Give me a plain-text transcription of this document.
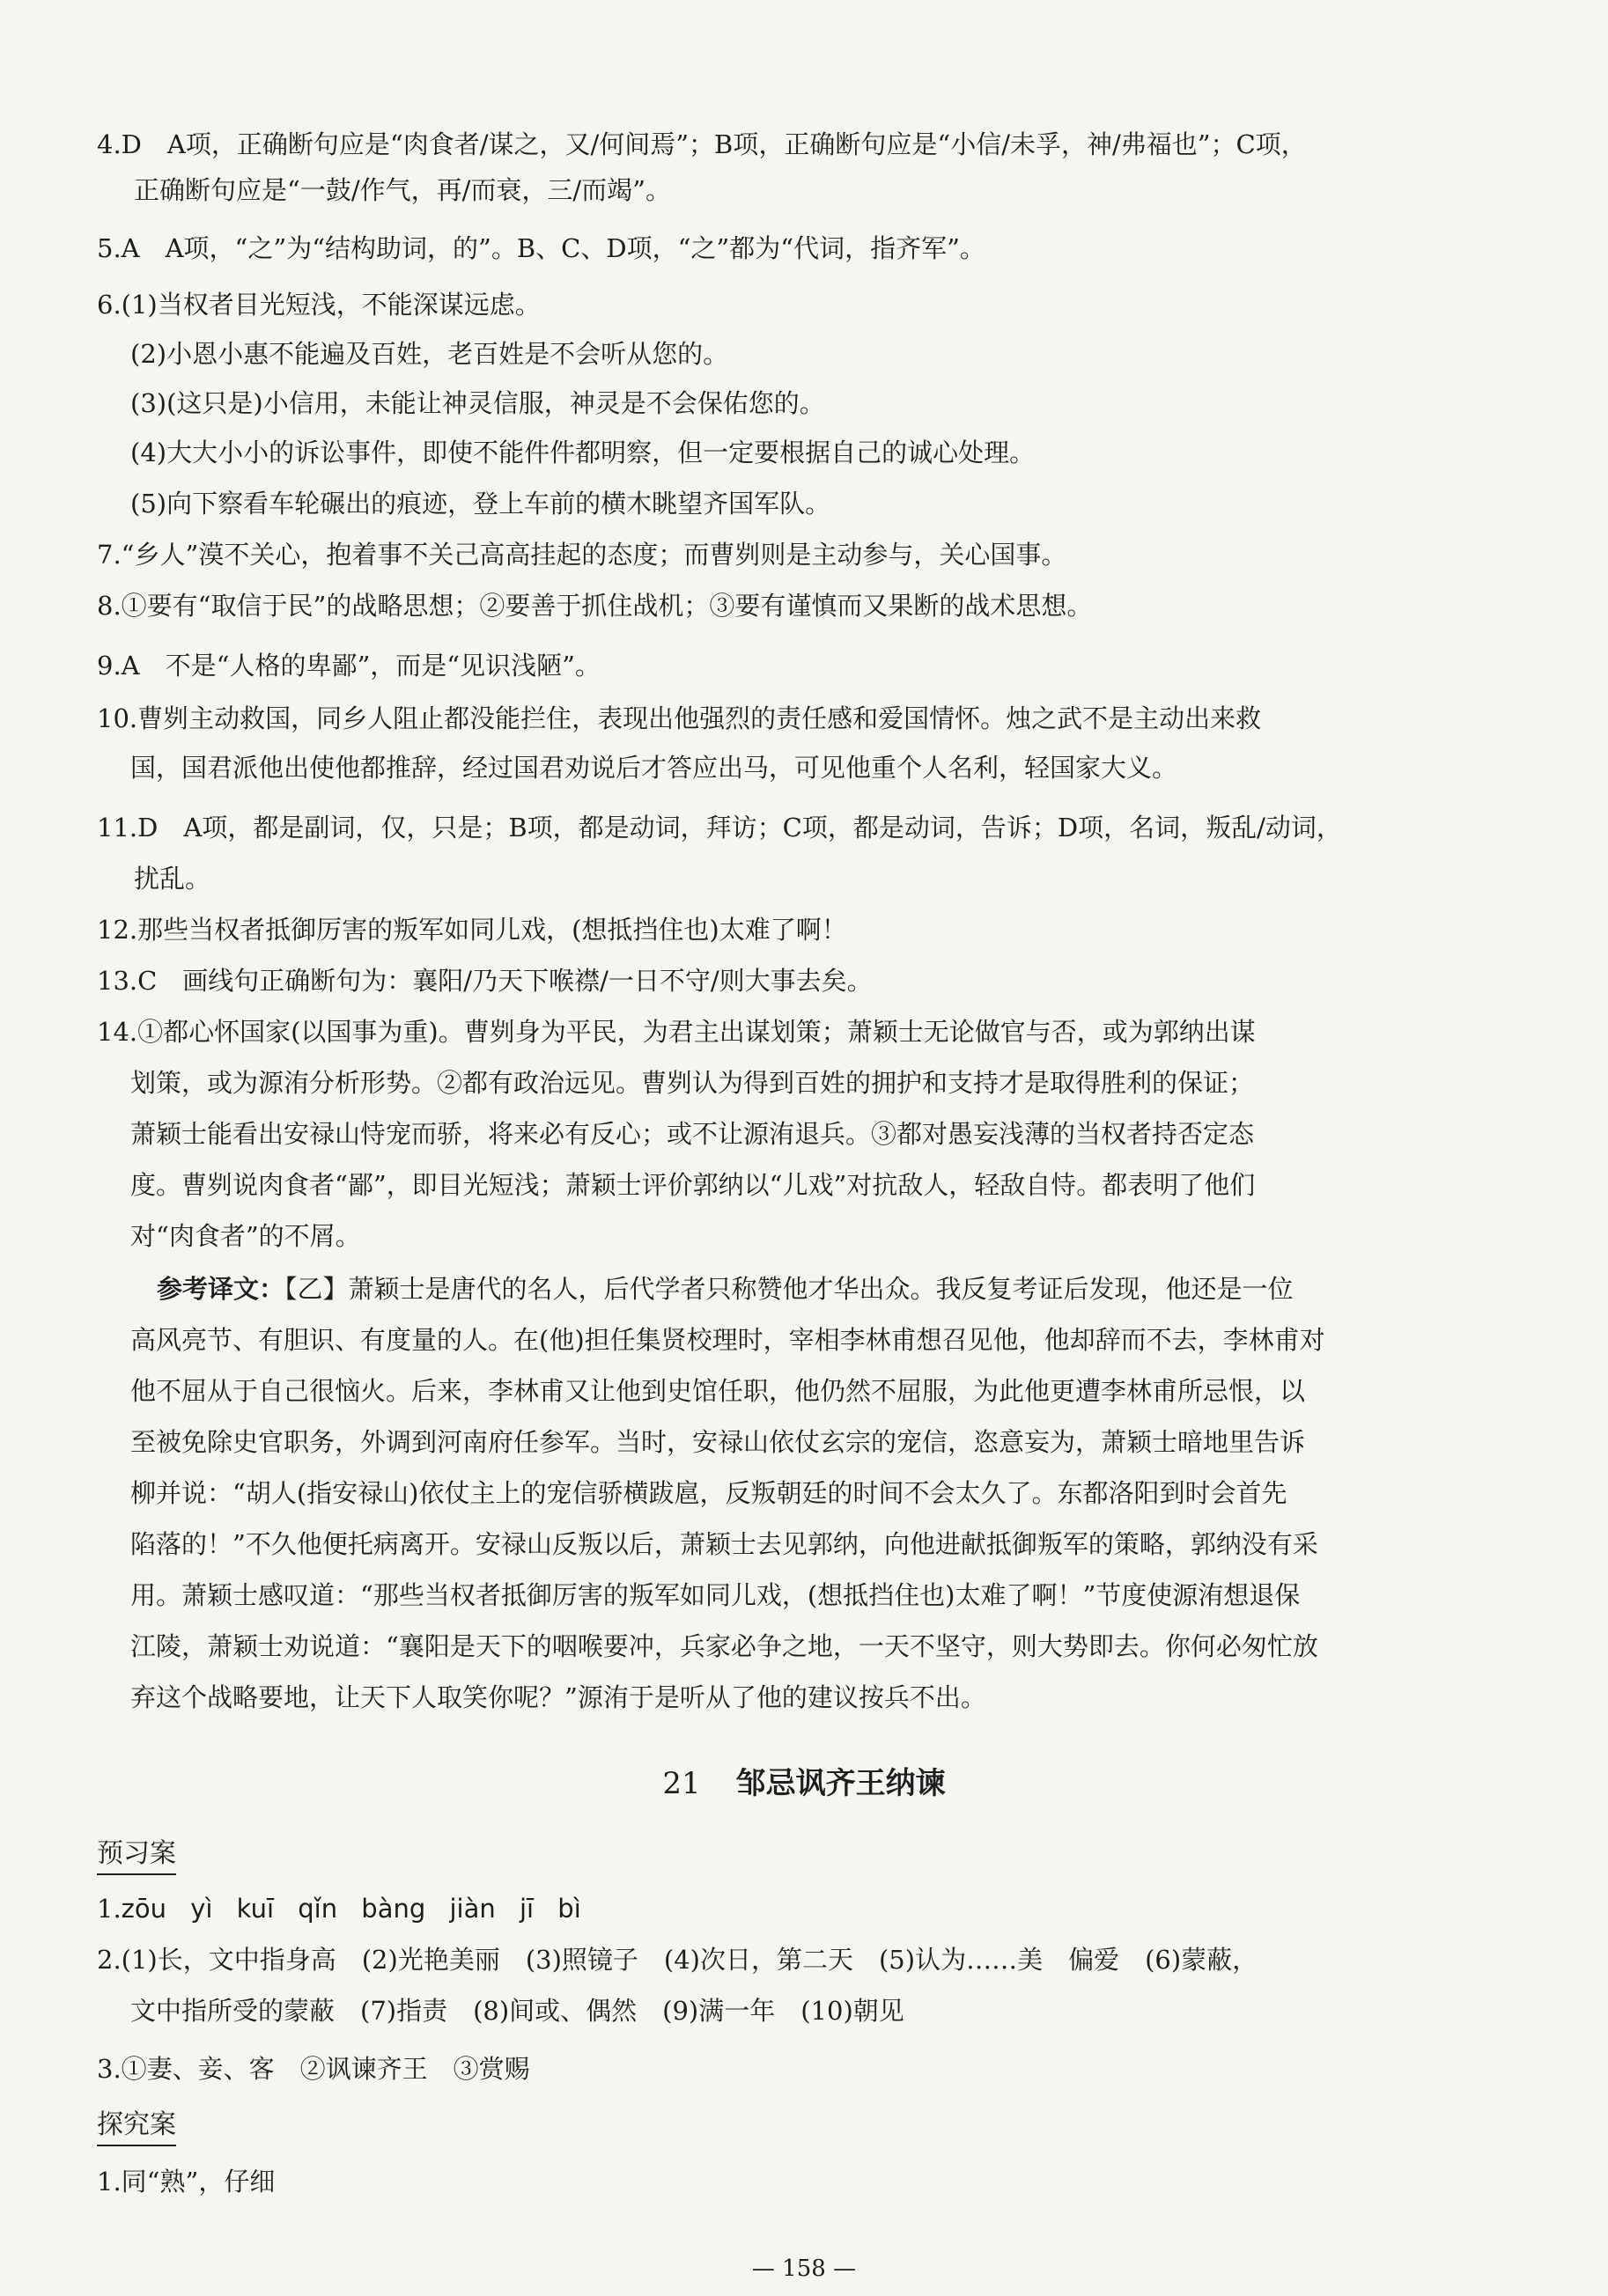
4.D　A项，正确断句应是“肉食者/谋之，又/何间焉”；B项，正确断句应是“小信/未孚，神/弗福也”；C项，
正确断句应是“一鼓/作气，再/而衰，三/而竭”。
5.A　A项，“之”为“结构助词，的”。B、C、D项，“之”都为“代词，指齐军”。
6.(1)当权者目光短浅，不能深谋远虑。
(2)小恩小惠不能遍及百姓，老百姓是不会听从您的。
(3)(这只是)小信用，未能让神灵信服，神灵是不会保佑您的。
(4)大大小小的诉讼事件，即使不能件件都明察，但一定要根据自己的诚心处理。
(5)向下察看车轮碾出的痕迹，登上车前的横木眺望齐国军队。
7.“乡人”漠不关心，抱着事不关己高高挂起的态度；而曹刿则是主动参与，关心国事。
8.①要有“取信于民”的战略思想；②要善于抓住战机；③要有谨慎而又果断的战术思想。
9.A　不是“人格的卑鄙”，而是“见识浅陋”。
10.曹刿主动救国，同乡人阻止都没能拦住，表现出他强烈的责任感和爱国情怀。烛之武不是主动出来救
国，国君派他出使他都推辞，经过国君劝说后才答应出马，可见他重个人名利，轻国家大义。
11.D　A项，都是副词，仅，只是；B项，都是动词，拜访；C项，都是动词，告诉；D项，名词，叛乱/动词，
扰乱。
12.那些当权者抵御厉害的叛军如同儿戏，(想抵挡住也)太难了啊！
13.C　画线句正确断句为：襄阳/乃天下喉襟/一日不守/则大事去矣。
14.①都心怀国家(以国事为重)。曹刿身为平民，为君主出谋划策；萧颖士无论做官与否，或为郭纳出谋
划策，或为源洧分析形势。②都有政治远见。曹刿认为得到百姓的拥护和支持才是取得胜利的保证；
萧颖士能看出安禄山恃宠而骄，将来必有反心；或不让源洧退兵。③都对愚妄浅薄的当权者持否定态
度。曹刿说肉食者“鄙”，即目光短浅；萧颖士评价郭纳以“儿戏”对抗敌人，轻敌自恃。都表明了他们
对“肉食者”的不屑。
参考译文：【乙】萧颖士是唐代的名人，后代学者只称赞他才华出众。我反复考证后发现，他还是一位
高风亮节、有胆识、有度量的人。在(他)担任集贤校理时，宰相李林甫想召见他，他却辞而不去，李林甫对
他不屈从于自己很恼火。后来，李林甫又让他到史馆任职，他仍然不屈服，为此他更遭李林甫所忌恨，以
至被免除史官职务，外调到河南府任参军。当时，安禄山依仗玄宗的宠信，恣意妄为，萧颖士暗地里告诉
柳并说：“胡人(指安禄山)依仗主上的宠信骄横跋扈，反叛朝廷的时间不会太久了。东都洛阳到时会首先
陷落的！”不久他便托病离开。安禄山反叛以后，萧颖士去见郭纳，向他进献抵御叛军的策略，郭纳没有采
用。萧颖士感叹道：“那些当权者抵御厉害的叛军如同儿戏，(想抵挡住也)太难了啊！”节度使源洧想退保
江陵，萧颖士劝说道：“襄阳是天下的咽喉要冲，兵家必争之地，一天不坚守，则大势即去。你何必匆忙放
弃这个战略要地，让天下人取笑你呢？”源洧于是听从了他的建议按兵不出。
21 邹忌讽齐王纳谏
预习案
1.zōu yì kuī qǐn bàng jiàn jī bì
2.(1)长，文中指身高　(2)光艳美丽　(3)照镜子　(4)次日，第二天　(5)认为……美　偏爱　(6)蒙蔽，
文中指所受的蒙蔽　(7)指责　(8)间或、偶然　(9)满一年　(10)朝见
3.①妻、妾、客　②讽谏齐王　③赏赐
探究案
1.同“熟”，仔细
— 158 —
